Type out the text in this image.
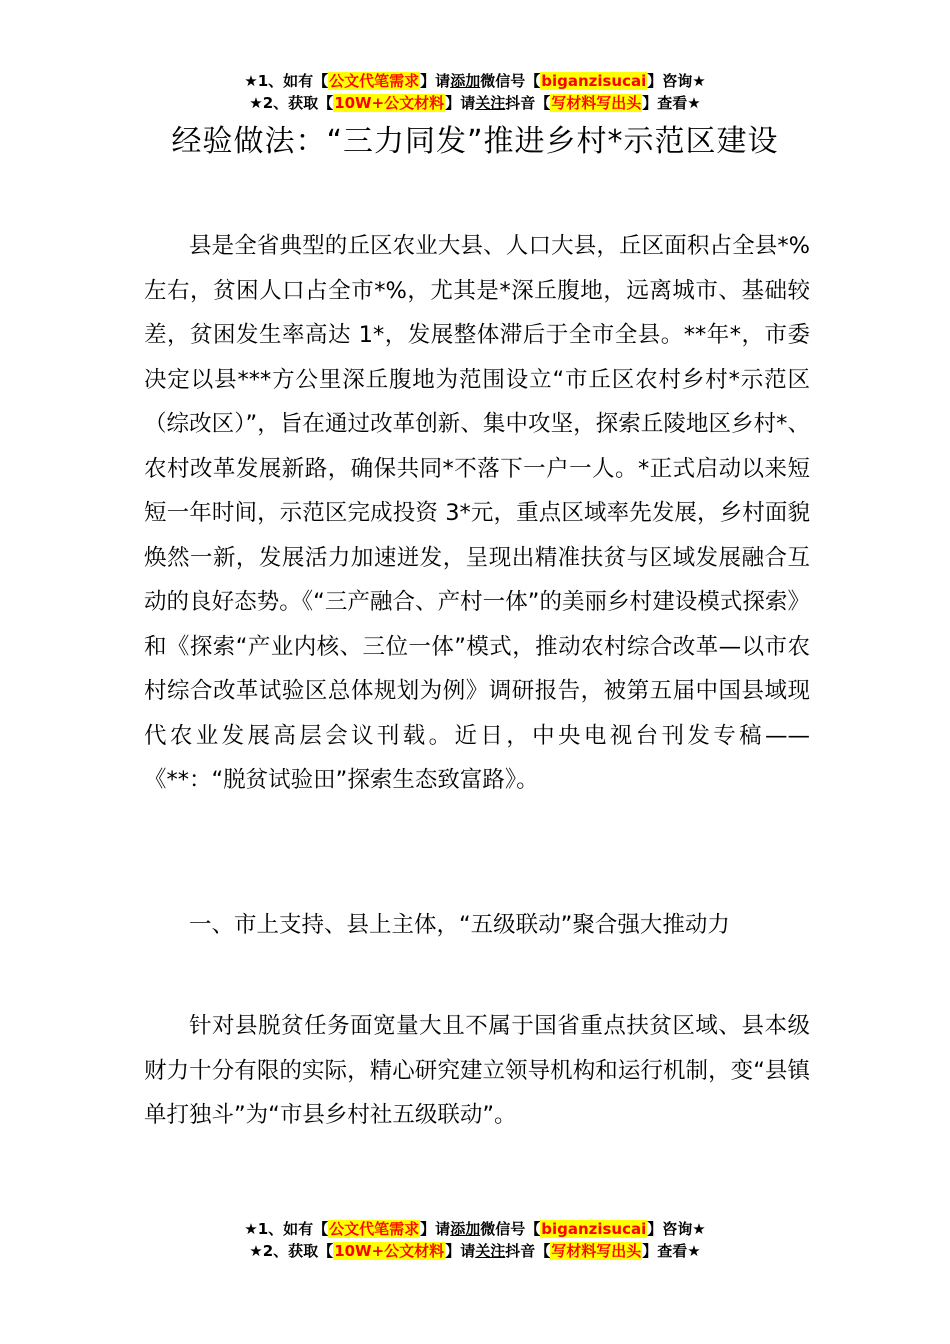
★1、如有【公文代笔需求】请添加微信号【biganzisucai】咨询★
★2、获取【10W+公文材料】请关注抖音【写材料写出头】查看★
经验做法：“三力同发”推进乡村*示范区建设

县是全省典型的丘区农业大县、人口大县，丘区面积占全县*%左右，贫困人口占全市*%，尤其是*深丘腹地，远离城市、基础较差，贫困发生率高达 1*，发展整体滞后于全市全县。**年*，市委决定以县***方公里深丘腹地为范围设立“市丘区农村乡村*示范区（综改区）”，旨在通过改革创新、集中攻坚，探索丘陵地区乡村*、农村改革发展新路，确保共同*不落下一户一人。*正式启动以来短短一年时间，示范区完成投资 3*元，重点区域率先发展，乡村面貌焕然一新，发展活力加速迸发，呈现出精准扶贫与区域发展融合互动的良好态势。《“三产融合、产村一体”的美丽乡村建设模式探索》和《探索“产业内核、三位一体”模式，推动农村综合改革—以市农村综合改革试验区总体规划为例》调研报告，被第五届中国县域现代农业发展高层会议刊载。近日，中央电视台刊发专稿——《**：“脱贫试验田”探索生态致富路》。

一、市上支持、县上主体，“五级联动”聚合强大推动力

针对县脱贫任务面宽量大且不属于国省重点扶贫区域、县本级财力十分有限的实际，精心研究建立领导机构和运行机制，变“县镇单打独斗”为“市县乡村社五级联动”。

★1、如有【公文代笔需求】请添加微信号【biganzisucai】咨询★
★2、获取【10W+公文材料】请关注抖音【写材料写出头】查看★
